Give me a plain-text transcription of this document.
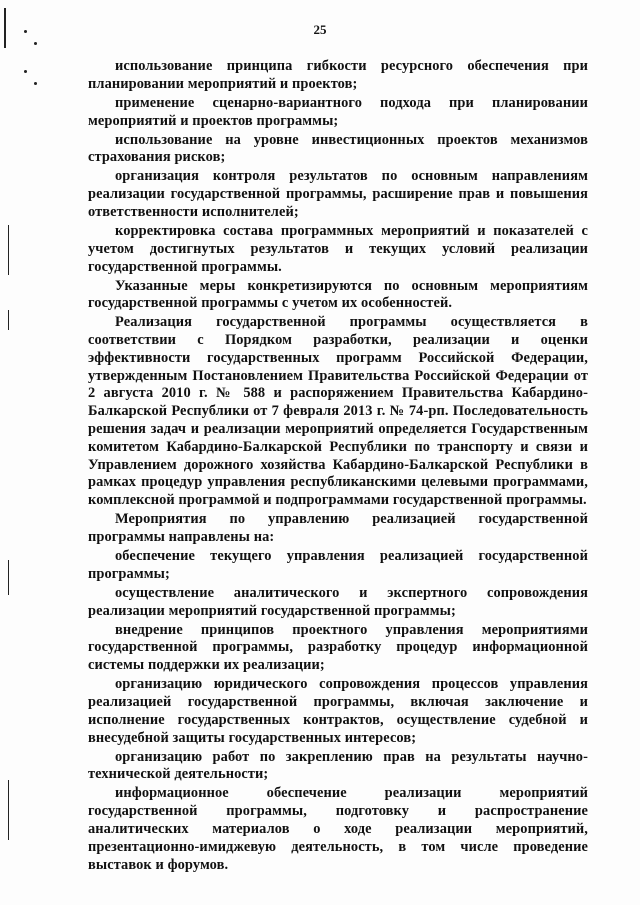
25

использование принципа гибкости ресурсного обеспечения при планировании мероприятий и проектов;

применение сценарно-вариантного подхода при планировании мероприятий и проектов программы;

использование на уровне инвестиционных проектов механизмов страхования рисков;

организация контроля результатов по основным направлениям реализации государственной программы, расширение прав и повышения ответственности исполнителей;

корректировка состава программных мероприятий и показателей с учетом достигнутых результатов и текущих условий реализации государственной программы.

Указанные меры конкретизируются по основным мероприятиям государственной программы с учетом их особенностей.

Реализация государственной программы осуществляется в соответствии с Порядком разработки, реализации и оценки эффективности государственных программ Российской Федерации, утвержденным Постановлением Правительства Российской Федерации от 2 августа 2010 г. № 588 и распоряжением Правительства Кабардино-Балкарской Республики от 7 февраля 2013 г. № 74-рп. Последовательность решения задач и реализации мероприятий определяется Государственным комитетом Кабардино-Балкарской Республики по транспорту и связи и Управлением дорожного хозяйства Кабардино-Балкарской Республики в рамках процедур управления республиканскими целевыми программами, комплексной программой и подпрограммами государственной программы.

Мероприятия по управлению реализацией государственной программы направлены на:

обеспечение текущего управления реализацией государственной программы;

осуществление аналитического и экспертного сопровождения реализации мероприятий государственной программы;

внедрение принципов проектного управления мероприятиями государственной программы, разработку процедур информационной системы поддержки их реализации;

организацию юридического сопровождения процессов управления реализацией государственной программы, включая заключение и исполнение государственных контрактов, осуществление судебной и внесудебной защиты государственных интересов;

организацию работ по закреплению прав на результаты научно-технической деятельности;

информационное обеспечение реализации мероприятий государственной программы, подготовку и распространение аналитических материалов о ходе реализации мероприятий, презентационно-имиджевую деятельность, в том числе проведение выставок и форумов.
